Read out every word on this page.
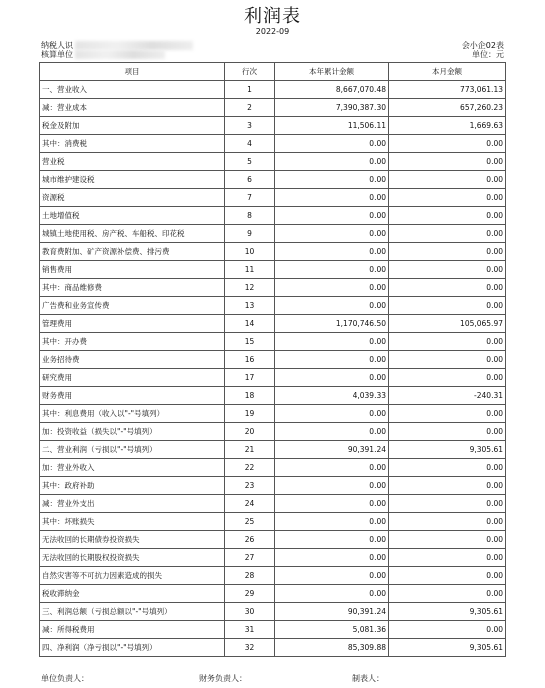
利润表
2022-09
纳税人识
核算单位
会小企02表
单位：元
项目	行次	本年累计金额	本月金额
一、营业收入	1	8,667,070.48	773,061.13
减：营业成本	2	7,390,387.30	657,260.23
税金及附加	3	11,506.11	1,669.63
其中：消费税	4	0.00	0.00
营业税	5	0.00	0.00
城市维护建设税	6	0.00	0.00
资源税	7	0.00	0.00
土地增值税	8	0.00	0.00
城镇土地使用税、房产税、车船税、印花税	9	0.00	0.00
教育费附加、矿产资源补偿费、排污费	10	0.00	0.00
销售费用	11	0.00	0.00
其中：商品维修费	12	0.00	0.00
广告费和业务宣传费	13	0.00	0.00
管理费用	14	1,170,746.50	105,065.97
其中：开办费	15	0.00	0.00
业务招待费	16	0.00	0.00
研究费用	17	0.00	0.00
财务费用	18	4,039.33	-240.31
其中：利息费用（收入以"-"号填列）	19	0.00	0.00
加：投资收益（损失以"-"号填列）	20	0.00	0.00
二、营业利润（亏损以"-"号填列）	21	90,391.24	9,305.61
加：营业外收入	22	0.00	0.00
其中：政府补助	23	0.00	0.00
减：营业外支出	24	0.00	0.00
其中：坏账损失	25	0.00	0.00
无法收回的长期债券投资损失	26	0.00	0.00
无法收回的长期股权投资损失	27	0.00	0.00
自然灾害等不可抗力因素造成的损失	28	0.00	0.00
税收滞纳金	29	0.00	0.00
三、利润总额（亏损总额以"-"号填列）	30	90,391.24	9,305.61
减：所得税费用	31	5,081.36	0.00
四、净利润（净亏损以"-"号填列）	32	85,309.88	9,305.61
单位负责人：	财务负责人：	制表人：
